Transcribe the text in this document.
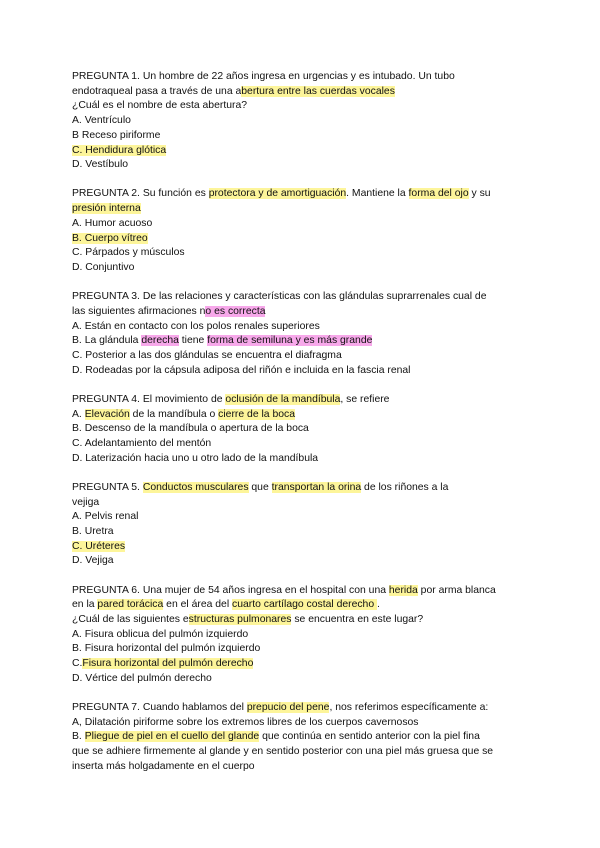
PREGUNTA 1. Un hombre de 22 años ingresa en urgencias y es intubado. Un tubo
endotraqueal pasa a través de una abertura entre las cuerdas vocales
¿Cuál es el nombre de esta abertura?
A. Ventrículo
B Receso piriforme
C. Hendidura glótica
D. Vestíbulo
PREGUNTA 2. Su función es protectora y de amortiguación. Mantiene la forma del ojo y su
presión interna
A. Humor acuoso
B. Cuerpo vítreo
C. Párpados y músculos
D. Conjuntivo
PREGUNTA 3. De las relaciones y características con las glándulas suprarrenales cual de
las siguientes afirmaciones no es correcta
A. Están en contacto con los polos renales superiores
B. La glándula derecha tiene forma de semiluna y es más grande
C. Posterior a las dos glándulas se encuentra el diafragma
D. Rodeadas por la cápsula adiposa del riñón e incluida en la fascia renal
PREGUNTA 4. El movimiento de oclusión de la mandíbula, se refiere
A. Elevación de la mandíbula o cierre de la boca
B. Descenso de la mandíbula o apertura de la boca
C. Adelantamiento del mentón
D. Laterización hacia uno u otro lado de la mandíbula
PREGUNTA 5. Conductos musculares que transportan la orina de los riñones a la
vejiga
A. Pelvis renal
B. Uretra
C. Uréteres
D. Vejiga
PREGUNTA 6. Una mujer de 54 años ingresa en el hospital con una herida por arma blanca
en la pared torácica en el área del cuarto cartílago costal derecho .
¿Cuál de las siguientes estructuras pulmonares se encuentra en este lugar?
A. Fisura oblicua del pulmón izquierdo
B. Fisura horizontal del pulmón izquierdo
C.Fisura horizontal del pulmón derecho
D. Vértice del pulmón derecho
PREGUNTA 7. Cuando hablamos del prepucio del pene, nos referimos específicamente a:
A, Dilatación piriforme sobre los extremos libres de los cuerpos cavernosos
B. Pliegue de piel en el cuello del glande que continúa en sentido anterior con la piel fina
que se adhiere firmemente al glande y en sentido posterior con una piel más gruesa que se
inserta más holgadamente en el cuerpo
